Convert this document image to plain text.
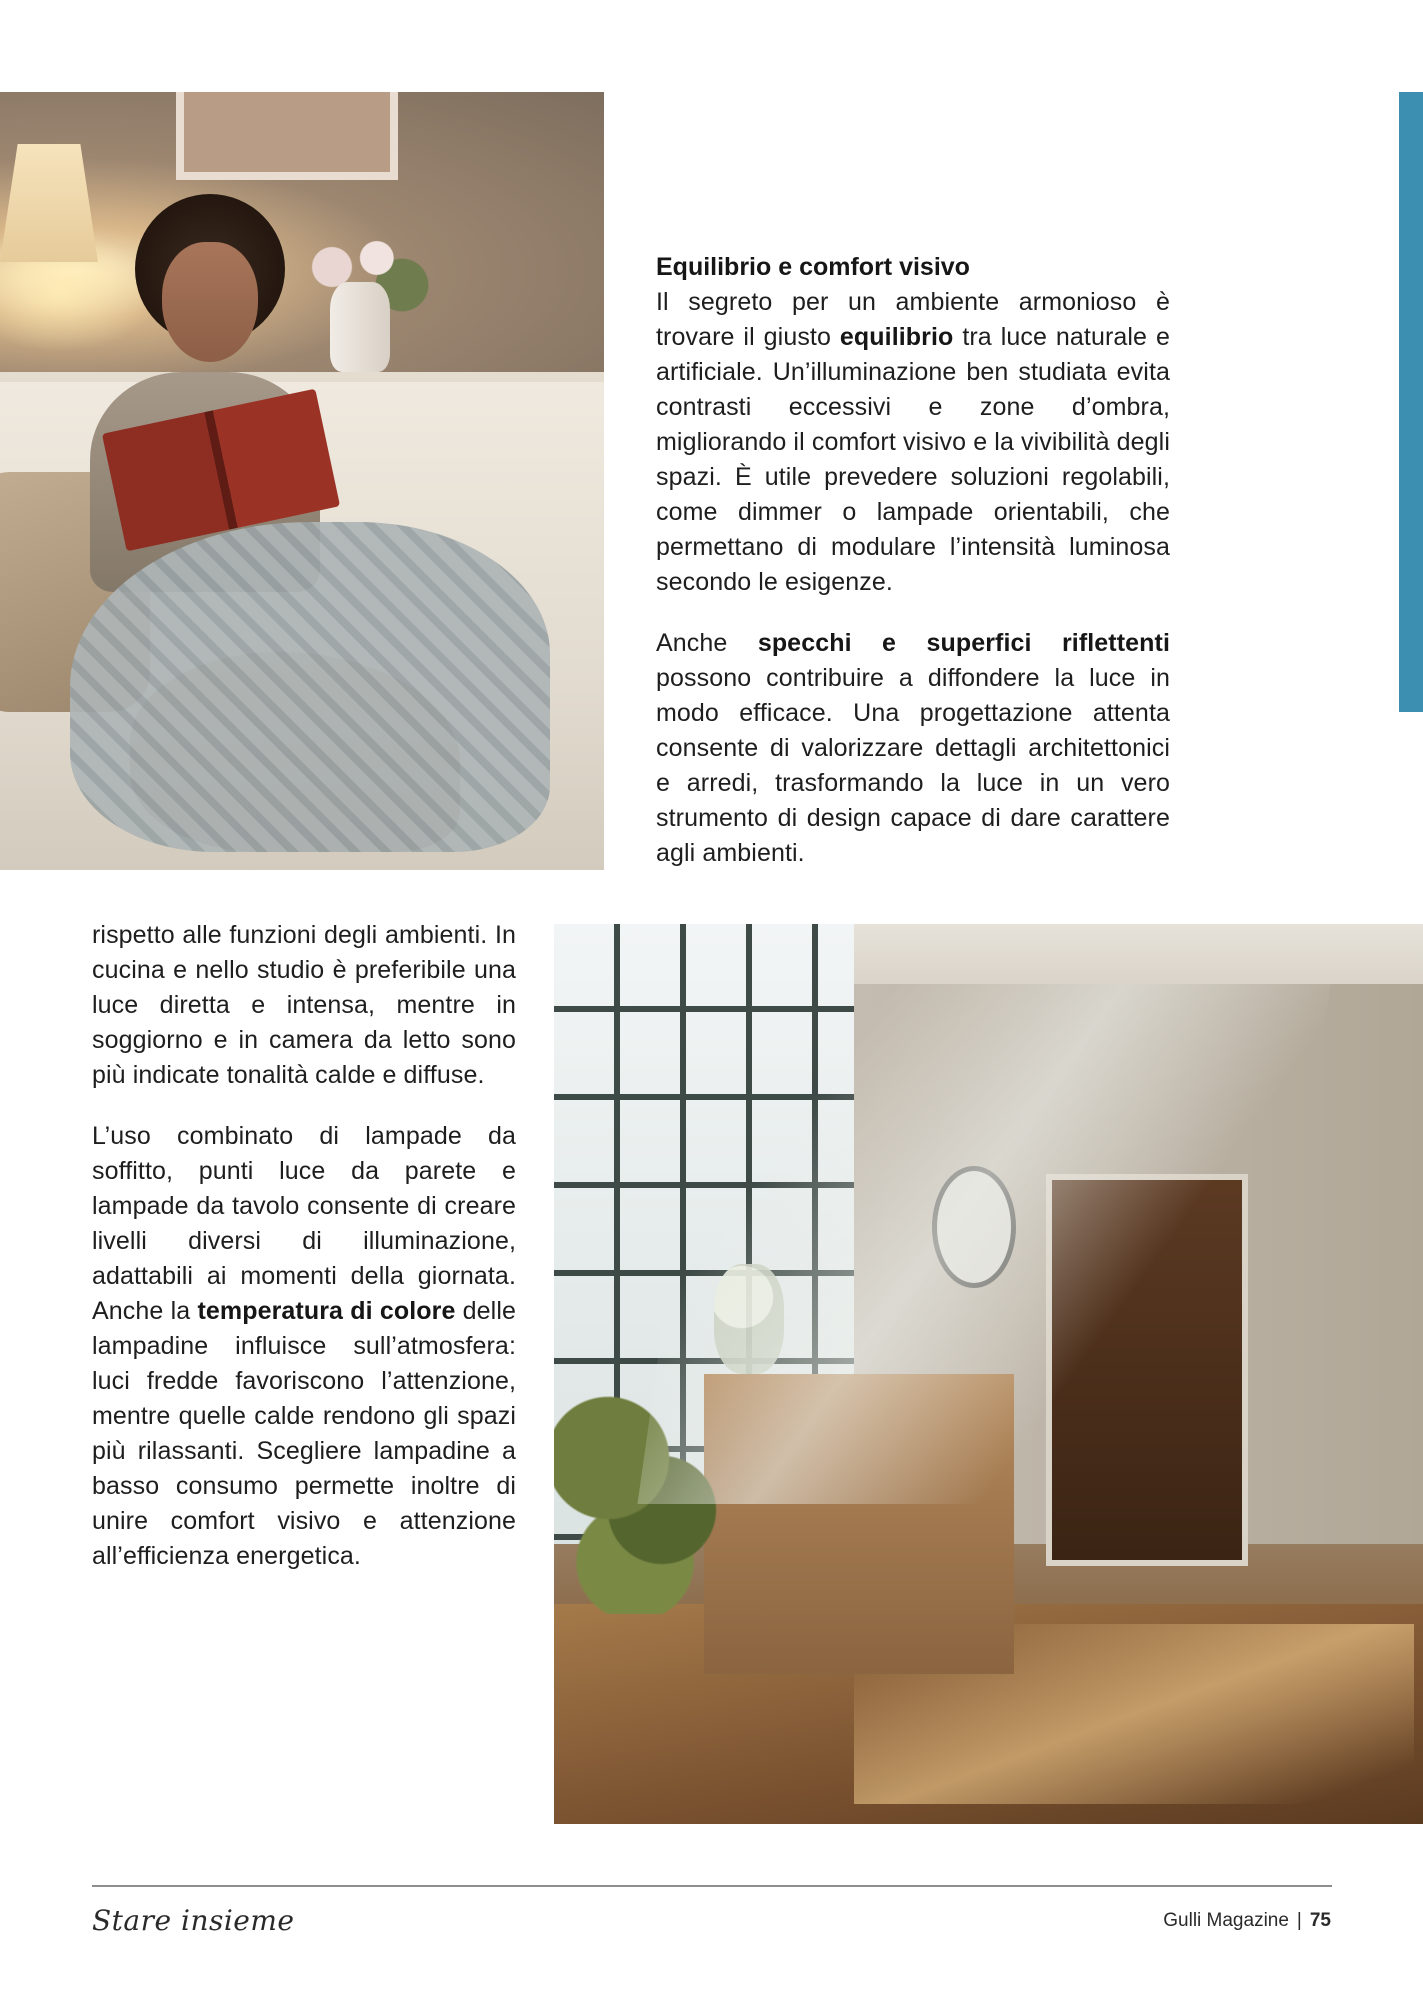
Equilibrio e comfort visivo

Il segreto per un ambiente armonioso è trovare il giusto equilibrio tra luce naturale e artificiale. Un’illuminazione ben studiata evita contrasti eccessivi e zone d’ombra, migliorando il comfort visivo e la vivibilità degli spazi. È utile prevedere soluzioni regolabili, come dimmer o lampade orientabili, che permettano di modulare l’intensità luminosa secondo le esigenze.

Anche specchi e superfici riflettenti possono contribuire a diffondere la luce in modo efficace. Una progettazione attenta consente di valorizzare dettagli architettonici e arredi, trasformando la luce in un vero strumento di design capace di dare carattere agli ambienti.

rispetto alle funzioni degli ambienti. In cucina e nello studio è preferibile una luce diretta e intensa, mentre in soggiorno e in camera da letto sono più indicate tonalità calde e diffuse.

L’uso combinato di lampade da soffitto, punti luce da parete e lampade da tavolo consente di creare livelli diversi di illuminazione, adattabili ai momenti della giornata. Anche la temperatura di colore delle lampadine influisce sull’atmosfera: luci fredde favoriscono l’attenzione, mentre quelle calde rendono gli spazi più rilassanti. Scegliere lampadine a basso consumo permette inoltre di unire comfort visivo e attenzione all’efficienza energetica.

Stare insieme	Gulli Magazine | 75
